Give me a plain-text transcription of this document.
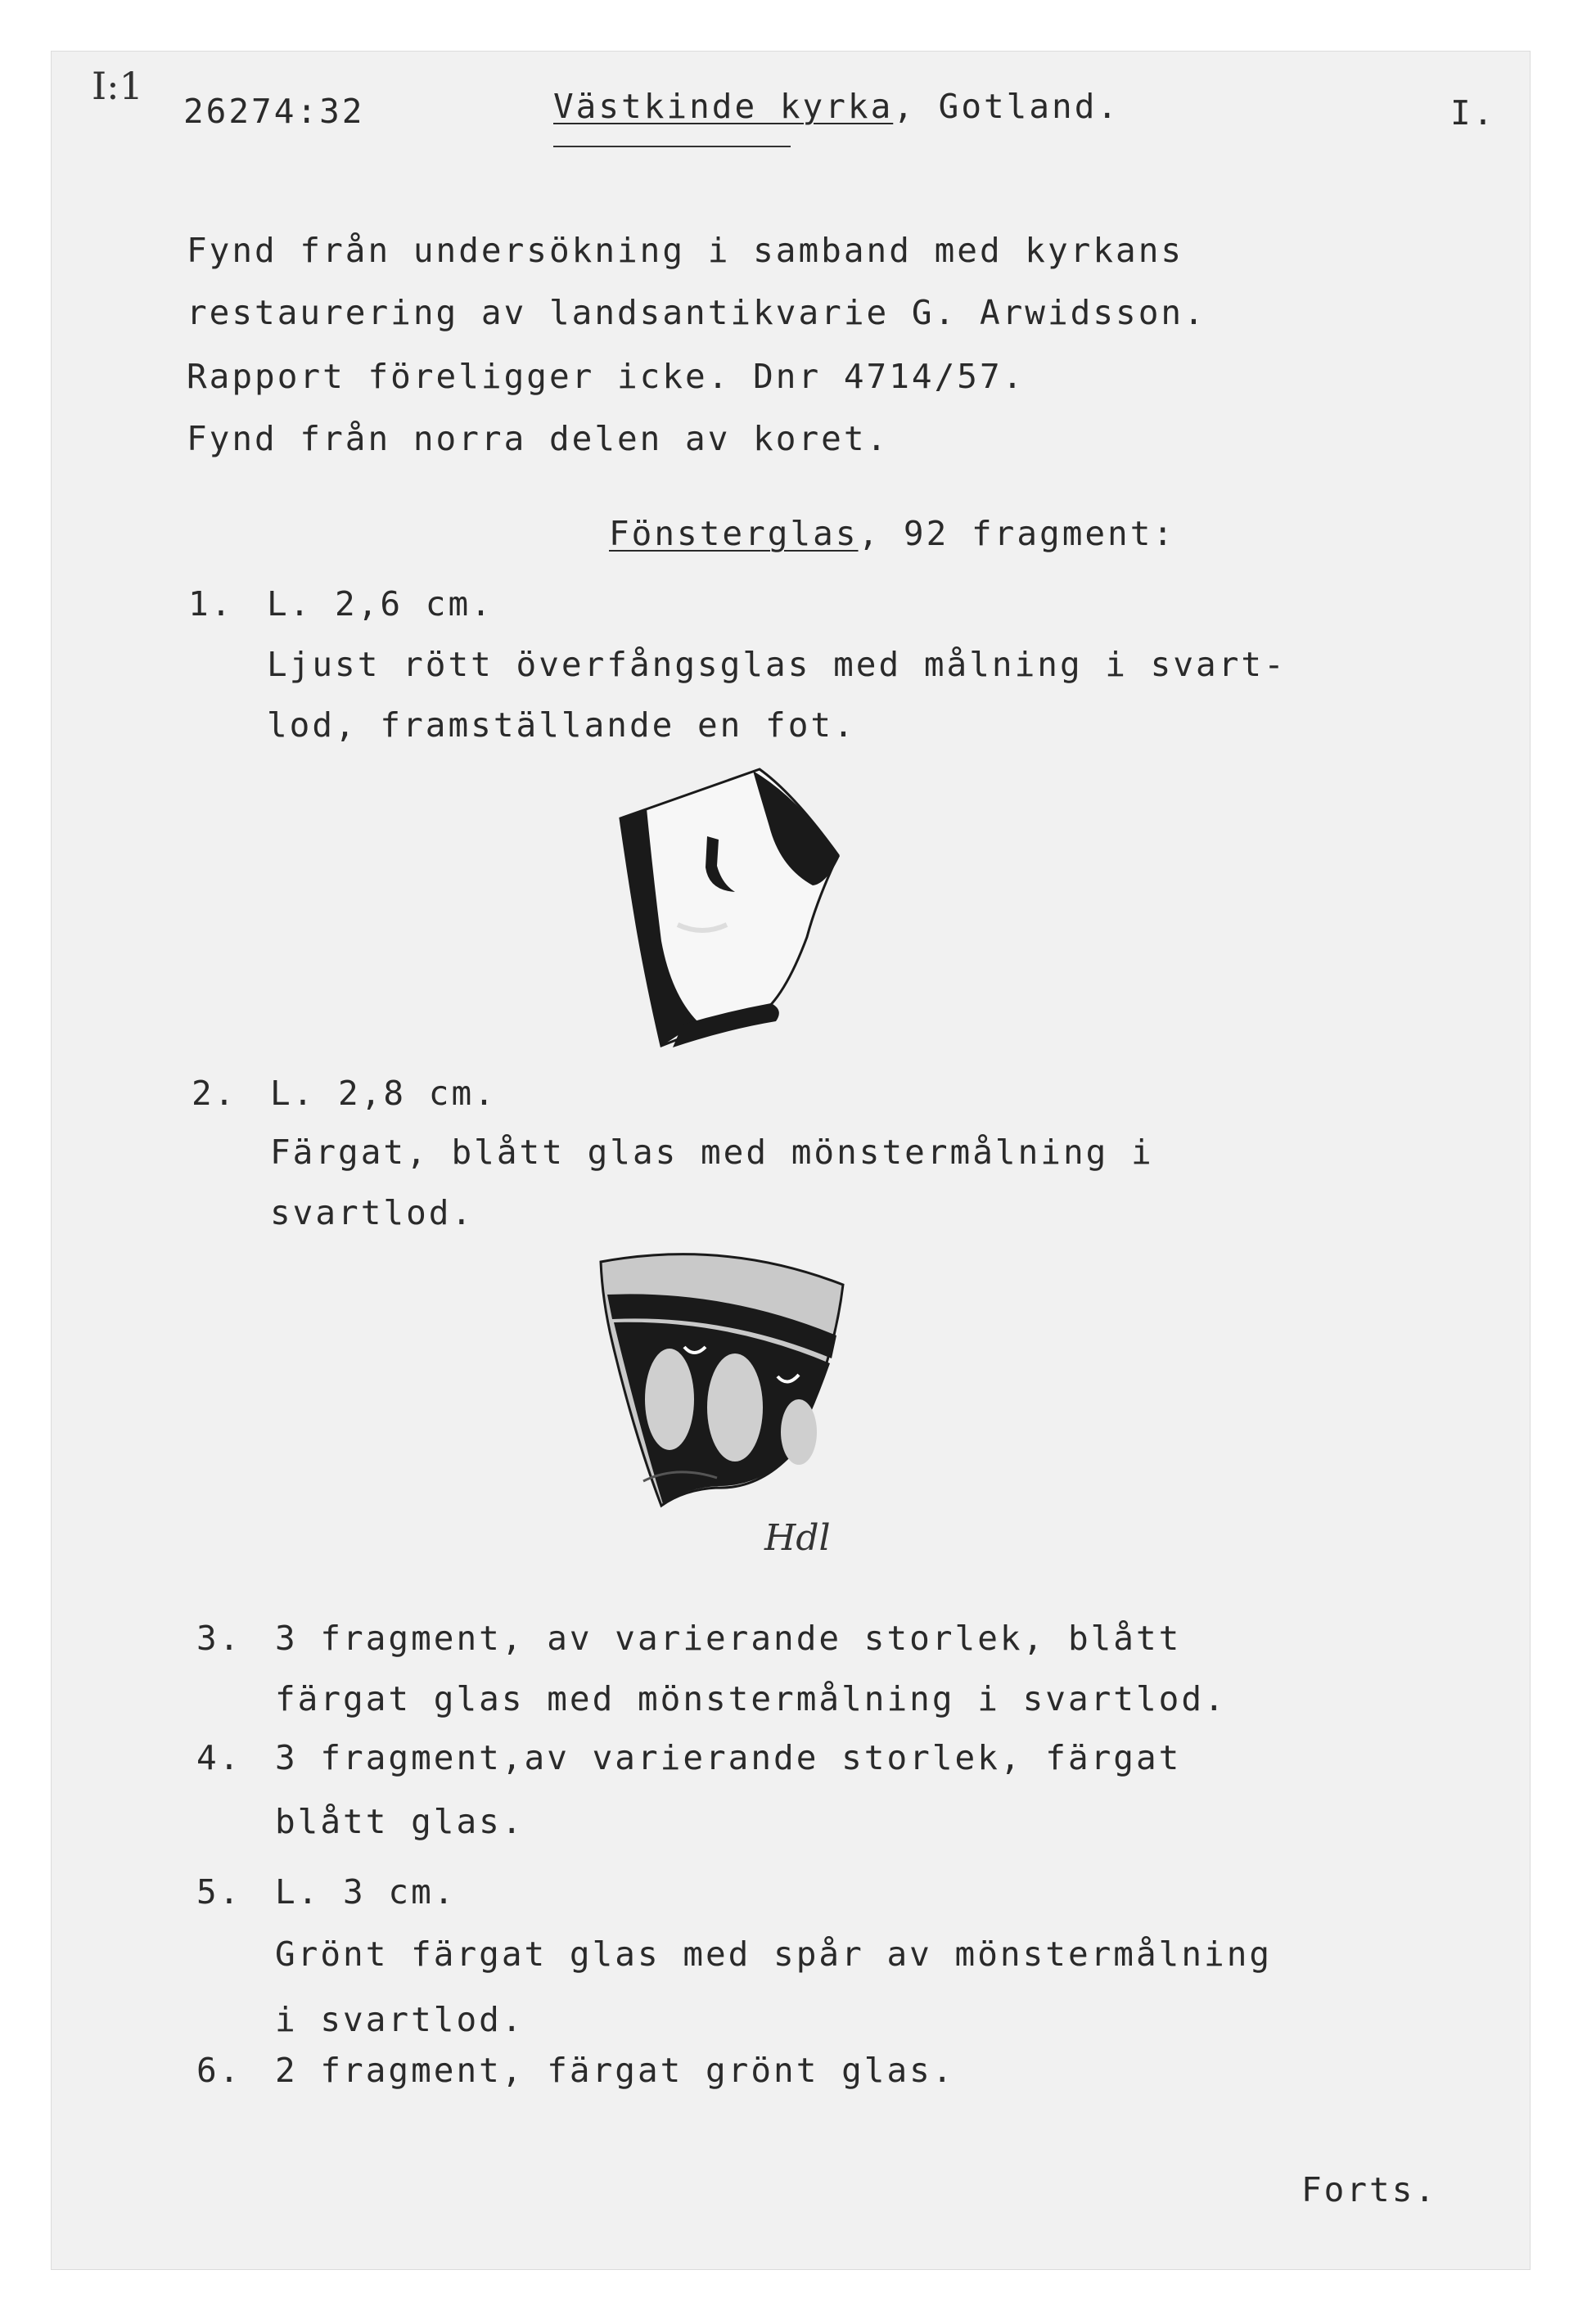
I:1
26274:32	Västkinde kyrka, Gotland.	I.
Fynd från undersökning i samband med kyrkans
restaurering av landsantikvarie G. Arwidsson.
Rapport föreligger icke. Dnr 4714/57.
Fynd från norra delen av koret.
Fönsterglas, 92 fragment:
1. L. 2,6 cm.
Ljust rött överfångsglas med målning i svart-
lod, framställande en fot.
2. L. 2,8 cm.
Färgat, blått glas med mönstermålning i
svartlod.
Hdl
3. 3 fragment, av varierande storlek, blått
färgat glas med mönstermålning i svartlod.
4. 3 fragment,av varierande storlek, färgat
blått glas.
5. L. 3 cm.
Grönt färgat glas med spår av mönstermålning
i svartlod.
6. 2 fragment, färgat grönt glas.
Forts.
